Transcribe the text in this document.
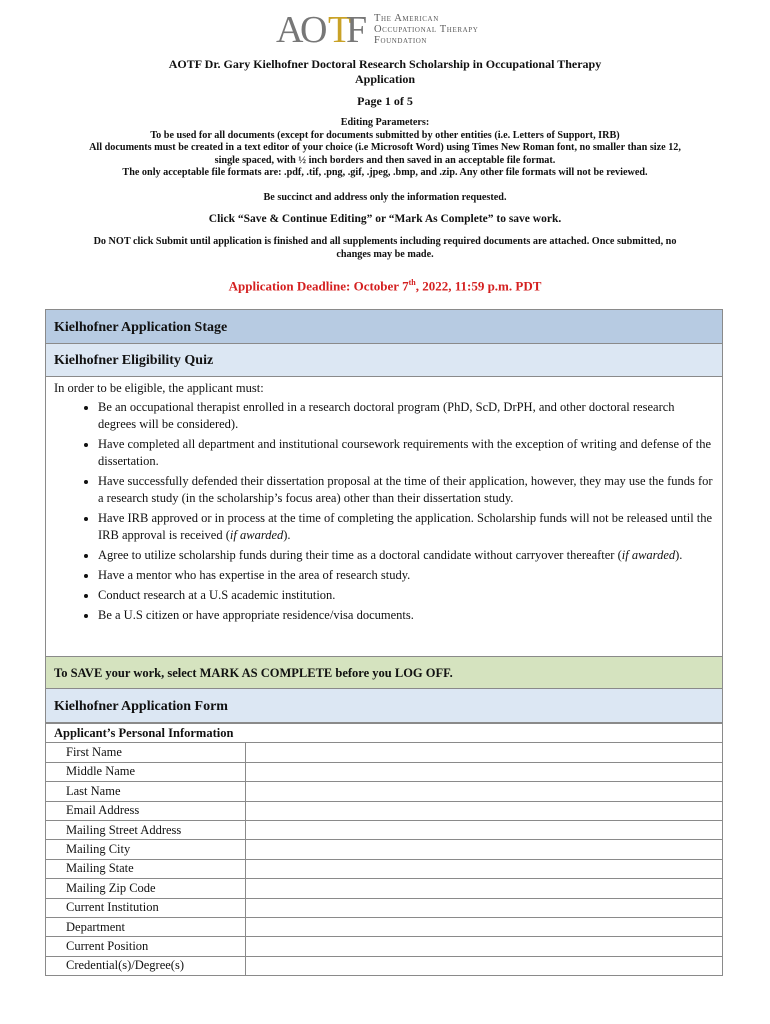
A
O T
F The American
Occupational Therapy
Foundation
AOTF Dr. Gary Kielhofner Doctoral Research Scholarship in Occupational Therapy
Application
Page 1 of 5
Editing Parameters:
To be used for all documents (except for documents submitted by other entities (i.e. Letters of Support, IRB)
All documents must be created in a text editor of your choice (i.e Microsoft Word) using Times New Roman font, no smaller than size 12,
single spaced, with ½ inch borders and then saved in an acceptable file format.
The only acceptable file formats are: .pdf, .tif, .png, .gif, .jpeg, .bmp, and .zip. Any other file formats will not be reviewed.
Be succinct and address only the information requested.
Click “Save & Continue Editing” or “Mark As Complete” to save work.
Do NOT click Submit until application is finished and all supplements including required documents are attached. Once submitted, no
changes may be made.
Application Deadline: October 7th, 2022, 11:59 p.m. PDT
Kielhofner Application Stage
Kielhofner Eligibility Quiz
In order to be eligible, the applicant must:
• Be an occupational therapist enrolled in a research doctoral program (PhD, ScD, DrPH, and other doctoral research degrees will be considered).
• Have completed all department and institutional coursework requirements with the exception of writing and defense of the dissertation.
• Have successfully defended their dissertation proposal at the time of their application, however, they may use the funds for a research study (in the scholarship’s focus area) other than their dissertation study.
• Have IRB approved or in process at the time of completing the application. Scholarship funds will not be released until the IRB approval is received (if awarded).
• Agree to utilize scholarship funds during their time as a doctoral candidate without carryover thereafter (if awarded).
• Have a mentor who has expertise in the area of research study.
• Conduct research at a U.S academic institution.
• Be a U.S citizen or have appropriate residence/visa documents.
To SAVE your work, select MARK AS COMPLETE before you LOG OFF.
Kielhofner Application Form
Applicant’s Personal Information	
First Name	
Middle Name	
Last Name	
Email Address	
Mailing Street Address	
Mailing City	
Mailing State	
Mailing Zip Code	
Current Institution	
Department	
Current Position	
Credential(s)/Degree(s)	
